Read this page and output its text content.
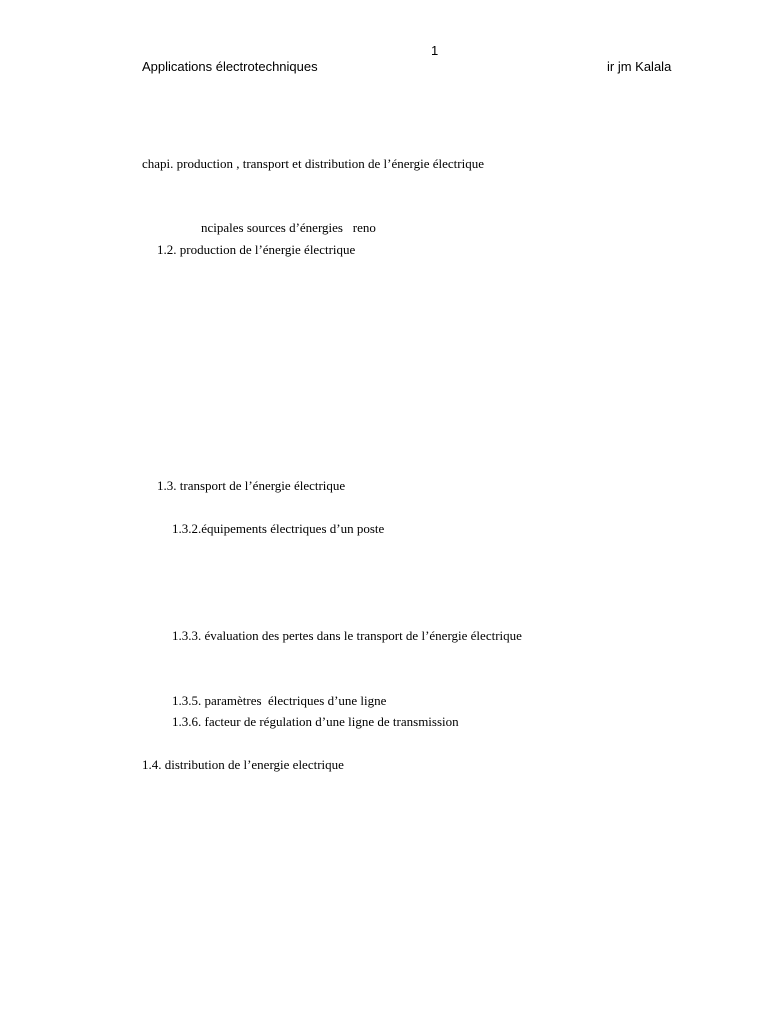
1
Applications électrotechniques	ir jm Kalala
chapi. production , transport et distribution de l’énergie électrique
ncipales sources d’énergies   reno
1.2. production de l’énergie électrique
1.3. transport de l’énergie électrique
1.3.2.équipements électriques d’un poste
1.3.3. évaluation des pertes dans le transport de l’énergie électrique
1.3.5. paramètres  électriques d’une ligne
1.3.6. facteur de régulation d’une ligne de transmission
1.4. distribution de l’energie electrique
